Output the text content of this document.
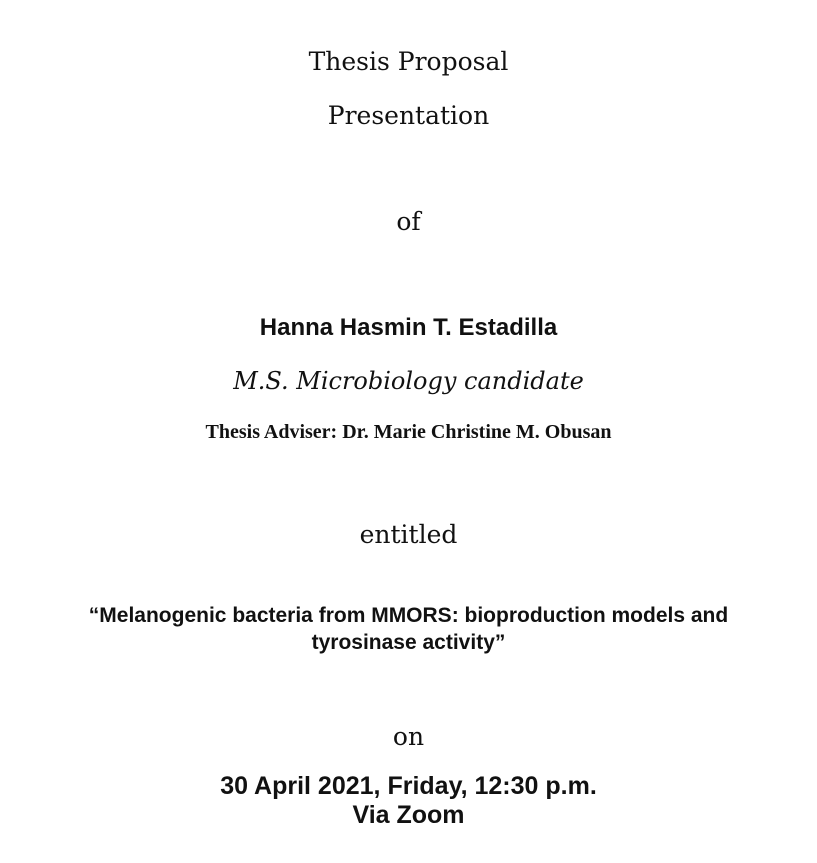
Thesis Proposal
Presentation
of
Hanna Hasmin T. Estadilla
M.S. Microbiology candidate
Thesis Adviser: Dr. Marie Christine M. Obusan
entitled
“Melanogenic bacteria from MMORS: bioproduction models and tyrosinase activity”
on
30 April 2021, Friday, 12:30 p.m.
Via Zoom
